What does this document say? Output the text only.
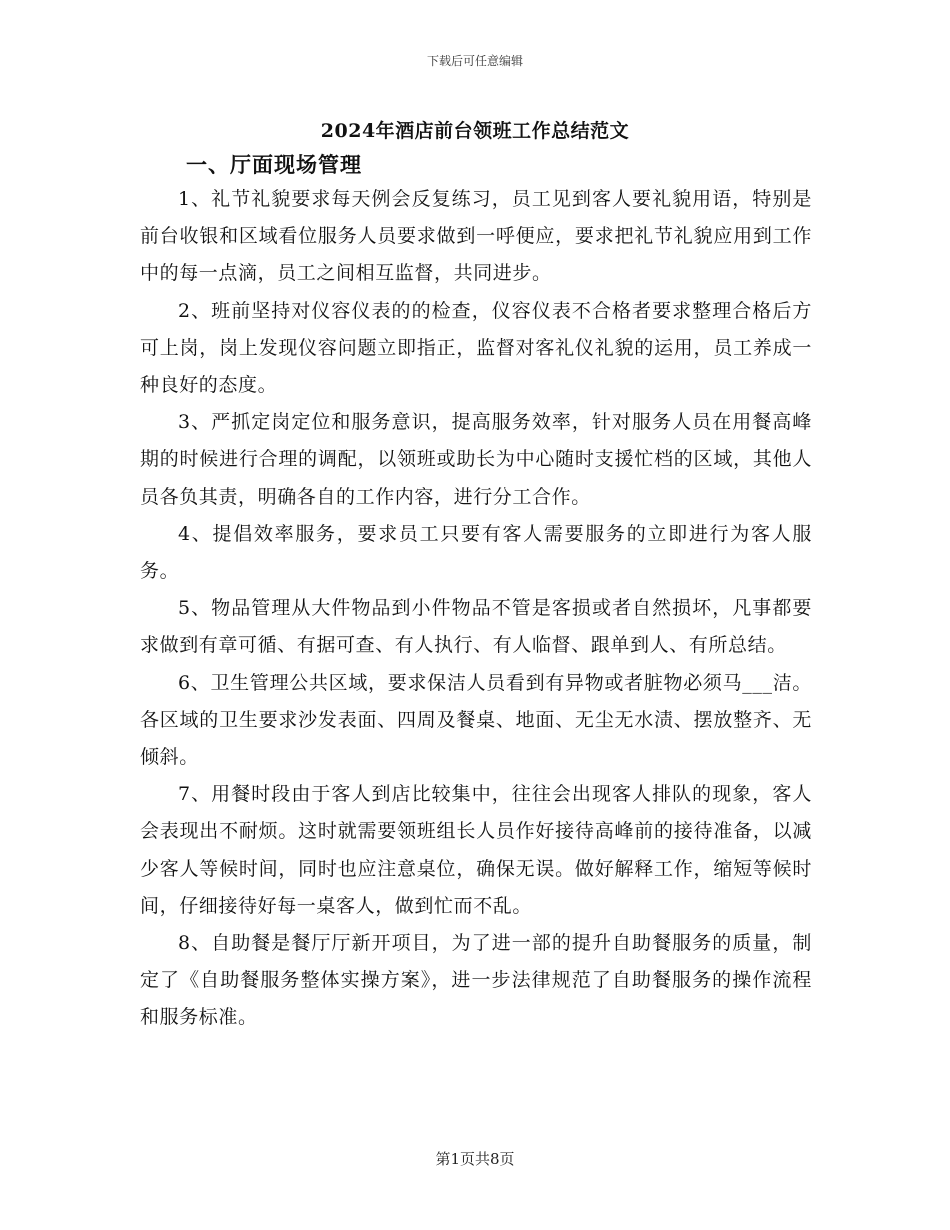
下载后可任意编辑
2024年酒店前台领班工作总结范文
一、厅面现场管理

1、礼节礼貌要求每天例会反复练习，员工见到客人要礼貌用语，特别是前台收银和区域看位服务人员要求做到一呼便应，要求把礼节礼貌应用到工作中的每一点滴，员工之间相互监督，共同进步。

2、班前坚持对仪容仪表的的检查，仪容仪表不合格者要求整理合格后方可上岗，岗上发现仪容问题立即指正，监督对客礼仪礼貌的运用，员工养成一种良好的态度。

3、严抓定岗定位和服务意识，提高服务效率，针对服务人员在用餐高峰期的时候进行合理的调配，以领班或助长为中心随时支援忙档的区域，其他人员各负其责，明确各自的工作内容，进行分工合作。

4、提倡效率服务，要求员工只要有客人需要服务的立即进行为客人服务。

5、物品管理从大件物品到小件物品不管是客损或者自然损坏，凡事都要求做到有章可循、有据可查、有人执行、有人临督、跟单到人、有所总结。

6、卫生管理公共区域，要求保洁人员看到有异物或者脏物必须马___洁。各区域的卫生要求沙发表面、四周及餐桌、地面、无尘无水渍、摆放整齐、无倾斜。

7、用餐时段由于客人到店比较集中，往往会出现客人排队的现象，客人会表现出不耐烦。这时就需要领班组长人员作好接待高峰前的接待准备，以减少客人等候时间，同时也应注意桌位，确保无误。做好解释工作，缩短等候时间，仔细接待好每一桌客人，做到忙而不乱。

8、自助餐是餐厅厅新开项目，为了进一部的提升自助餐服务的质量，制定了《自助餐服务整体实操方案》，进一步法律规范了自助餐服务的操作流程和服务标准。

第1页共8页
